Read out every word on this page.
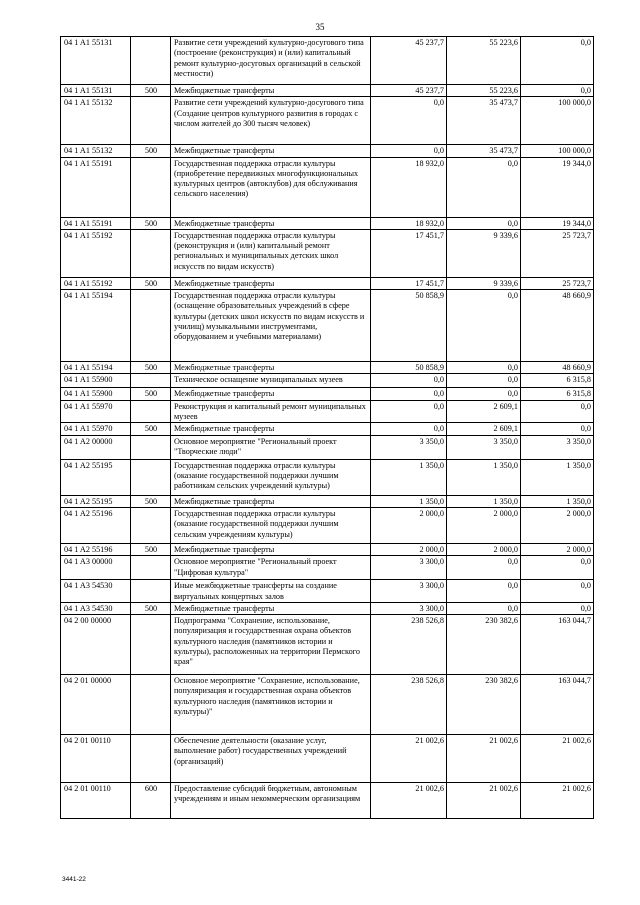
35
04 1 A1 55131		Развитие сети учреждений культурно-досугового типа (построение (реконструкция) и (или) капитальный ремонт культурно-досуговых организаций в сельской местности)	45 237,7	55 223,6	0,0
04 1 A1 55131	500	Межбюджетные трансферты	45 237,7	55 223,6	0,0
04 1 A1 55132		Развитие сети учреждений культурно-досугового типа (Создание центров культурного развития в городах с числом жителей до 300 тысяч человек)	0,0	35 473,7	100 000,0
04 1 A1 55132	500	Межбюджетные трансферты	0,0	35 473,7	100 000,0
04 1 A1 55191		Государственная поддержка отрасли культуры (приобретение передвижных многофункциональных культурных центров (автоклубов) для обслуживания сельского населения)	18 932,0	0,0	19 344,0
04 1 A1 55191	500	Межбюджетные трансферты	18 932,0	0,0	19 344,0
04 1 A1 55192		Государственная поддержка отрасли культуры (реконструкция и (или) капитальный ремонт региональных и муниципальных детских школ искусств по видам искусств)	17 451,7	9 339,6	25 723,7
04 1 A1 55192	500	Межбюджетные трансферты	17 451,7	9 339,6	25 723,7
04 1 A1 55194		Государственная поддержка отрасли культуры (оснащение образовательных учреждений в сфере культуры (детских школ искусств по видам искусств и училищ) музыкальными инструментами, оборудованием и учебными материалами)	50 858,9	0,0	48 660,9
04 1 A1 55194	500	Межбюджетные трансферты	50 858,9	0,0	48 660,9
04 1 A1 55900		Техническое оснащение муниципальных музеев	0,0	0,0	6 315,8
04 1 A1 55900	500	Межбюджетные трансферты	0,0	0,0	6 315,8
04 1 A1 55970		Реконструкция и капитальный ремонт муниципальных музеев	0,0	2 609,1	0,0
04 1 A1 55970	500	Межбюджетные трансферты	0,0	2 609,1	0,0
04 1 A2 00000		Основное мероприятие "Региональный проект "Творческие люди"	3 350,0	3 350,0	3 350,0
04 1 A2 55195		Государственная поддержка отрасли культуры (оказание государственной поддержки лучшим работникам сельских учреждений культуры)	1 350,0	1 350,0	1 350,0
04 1 A2 55195	500	Межбюджетные трансферты	1 350,0	1 350,0	1 350,0
04 1 A2 55196		Государственная поддержка отрасли культуры (оказание государственной поддержки лучшим сельским учреждениям культуры)	2 000,0	2 000,0	2 000,0
04 1 A2 55196	500	Межбюджетные трансферты	2 000,0	2 000,0	2 000,0
04 1 A3 00000		Основное мероприятие "Региональный проект "Цифровая культура"	3 300,0	0,0	0,0
04 1 A3 54530		Иные межбюджетные трансферты на создание виртуальных концертных залов	3 300,0	0,0	0,0
04 1 A3 54530	500	Межбюджетные трансферты	3 300,0	0,0	0,0
04 2 00 00000		Подпрограмма "Сохранение, использование, популяризация и государственная охрана объектов культурного наследия (памятников истории и культуры), расположенных на территории Пермского края"	238 526,8	230 382,6	163 044,7
04 2 01 00000		Основное мероприятие "Сохранение, использование, популяризация и государственная охрана объектов культурного наследия (памятников истории и культуры)"	238 526,8	230 382,6	163 044,7
04 2 01 00110		Обеспечение деятельности (оказание услуг, выполнение работ) государственных учреждений (организаций)	21 002,6	21 002,6	21 002,6
04 2 01 00110	600	Предоставление субсидий бюджетным, автономным учреждениям и иным некоммерческим организациям	21 002,6	21 002,6	21 002,6
3441-22
